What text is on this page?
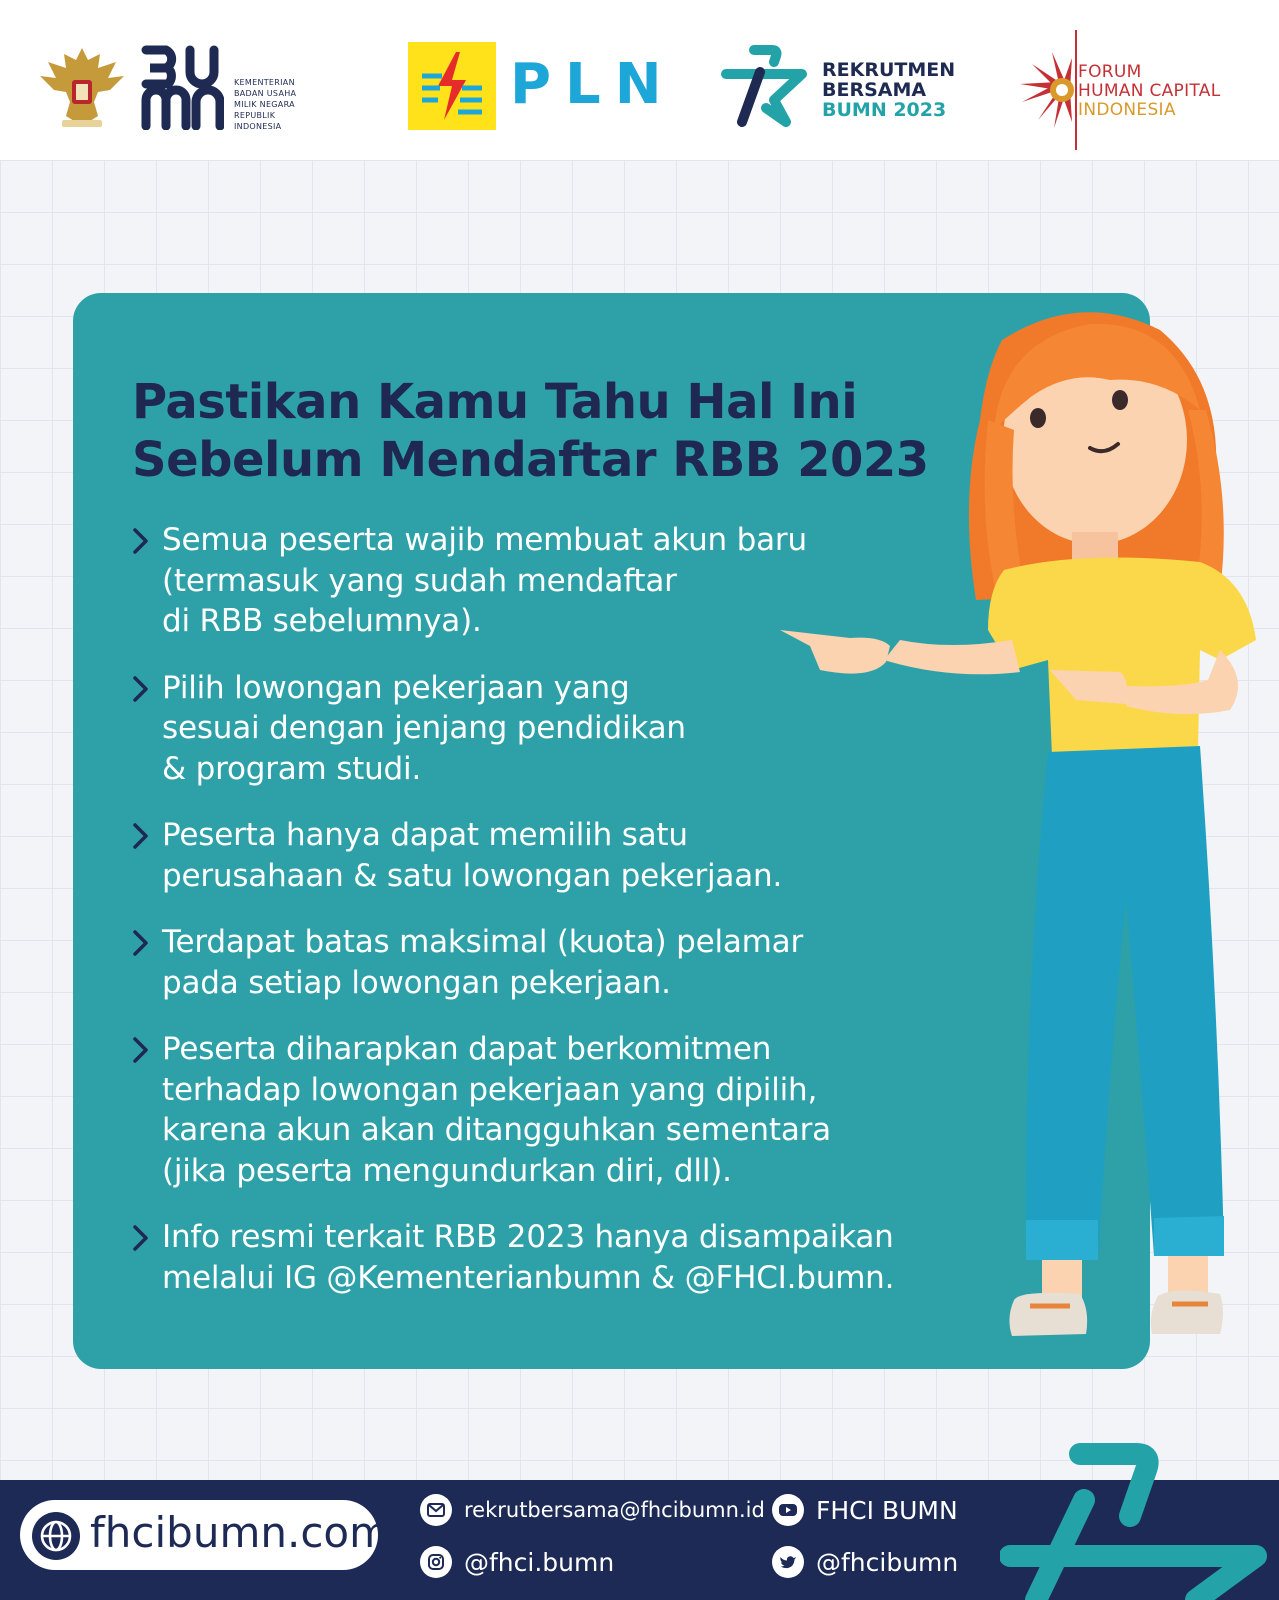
KEMENTERIAN
BADAN USAHA
MILIK NEGARA
REPUBLIK
INDONESIA
PLN	REKRUTMEN
BERSAMA
BUMN 2023
FORUM
HUMAN CAPITAL
INDONESIA
Pastikan Kamu Tahu Hal Ini
Sebelum Mendaftar RBB 2023
Semua peserta wajib membuat akun baru
(termasuk yang sudah mendaftar
di RBB sebelumnya).
Pilih lowongan pekerjaan yang
sesuai dengan jenjang pendidikan
& program studi.
Peserta hanya dapat memilih satu
perusahaan & satu lowongan pekerjaan.
Terdapat batas maksimal (kuota) pelamar
pada setiap lowongan pekerjaan.
Peserta diharapkan dapat berkomitmen
terhadap lowongan pekerjaan yang dipilih,
karena akun akan ditangguhkan sementara
(jika peserta mengundurkan diri, dll).
Info resmi terkait RBB 2023 hanya disampaikan
melalui IG @Kementerianbumn & @FHCI.bumn.
fhcibumn.com	rekrutbersama@fhcibumn.id
@fhci.bumn
FHCI BUMN
@fhcibumn
